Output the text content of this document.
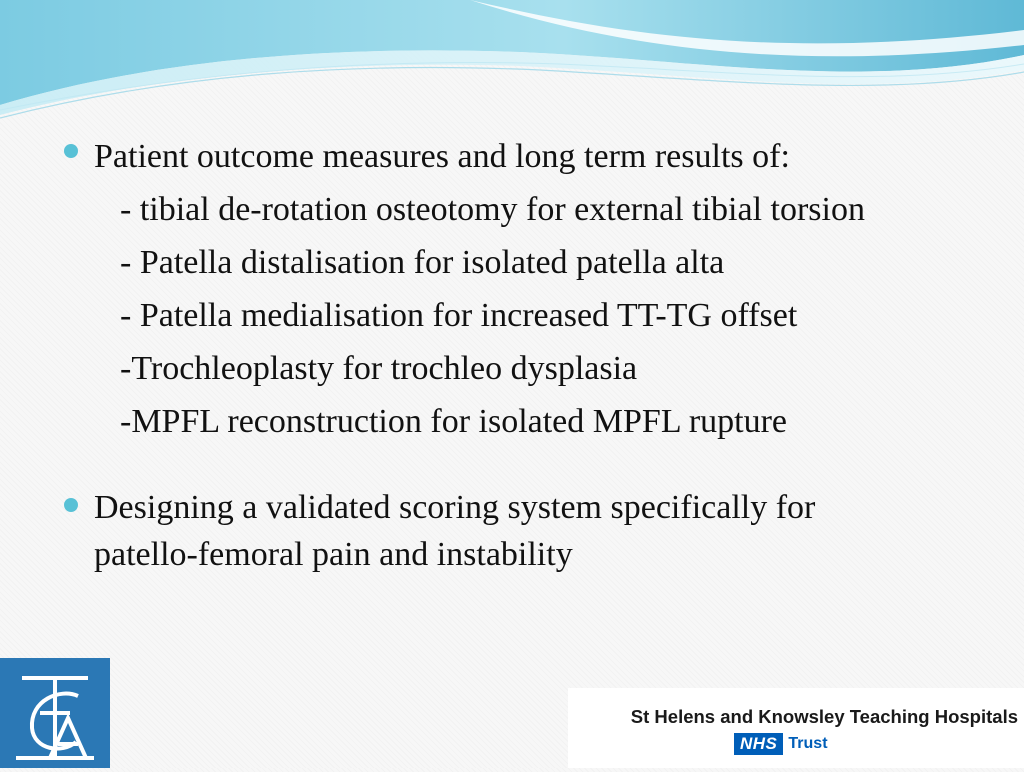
Patient outcome measures and long term results of:
- tibial de-rotation osteotomy for external tibial torsion
- Patella distalisation for isolated patella alta
- Patella medialisation for increased TT-TG offset
-Trochleoplasty for trochleo dysplasia
-MPFL reconstruction for isolated MPFL rupture
Designing a validated scoring system specifically for
patello-femoral pain and instability
St Helens and Knowsley Teaching Hospitals
NHS Trust
